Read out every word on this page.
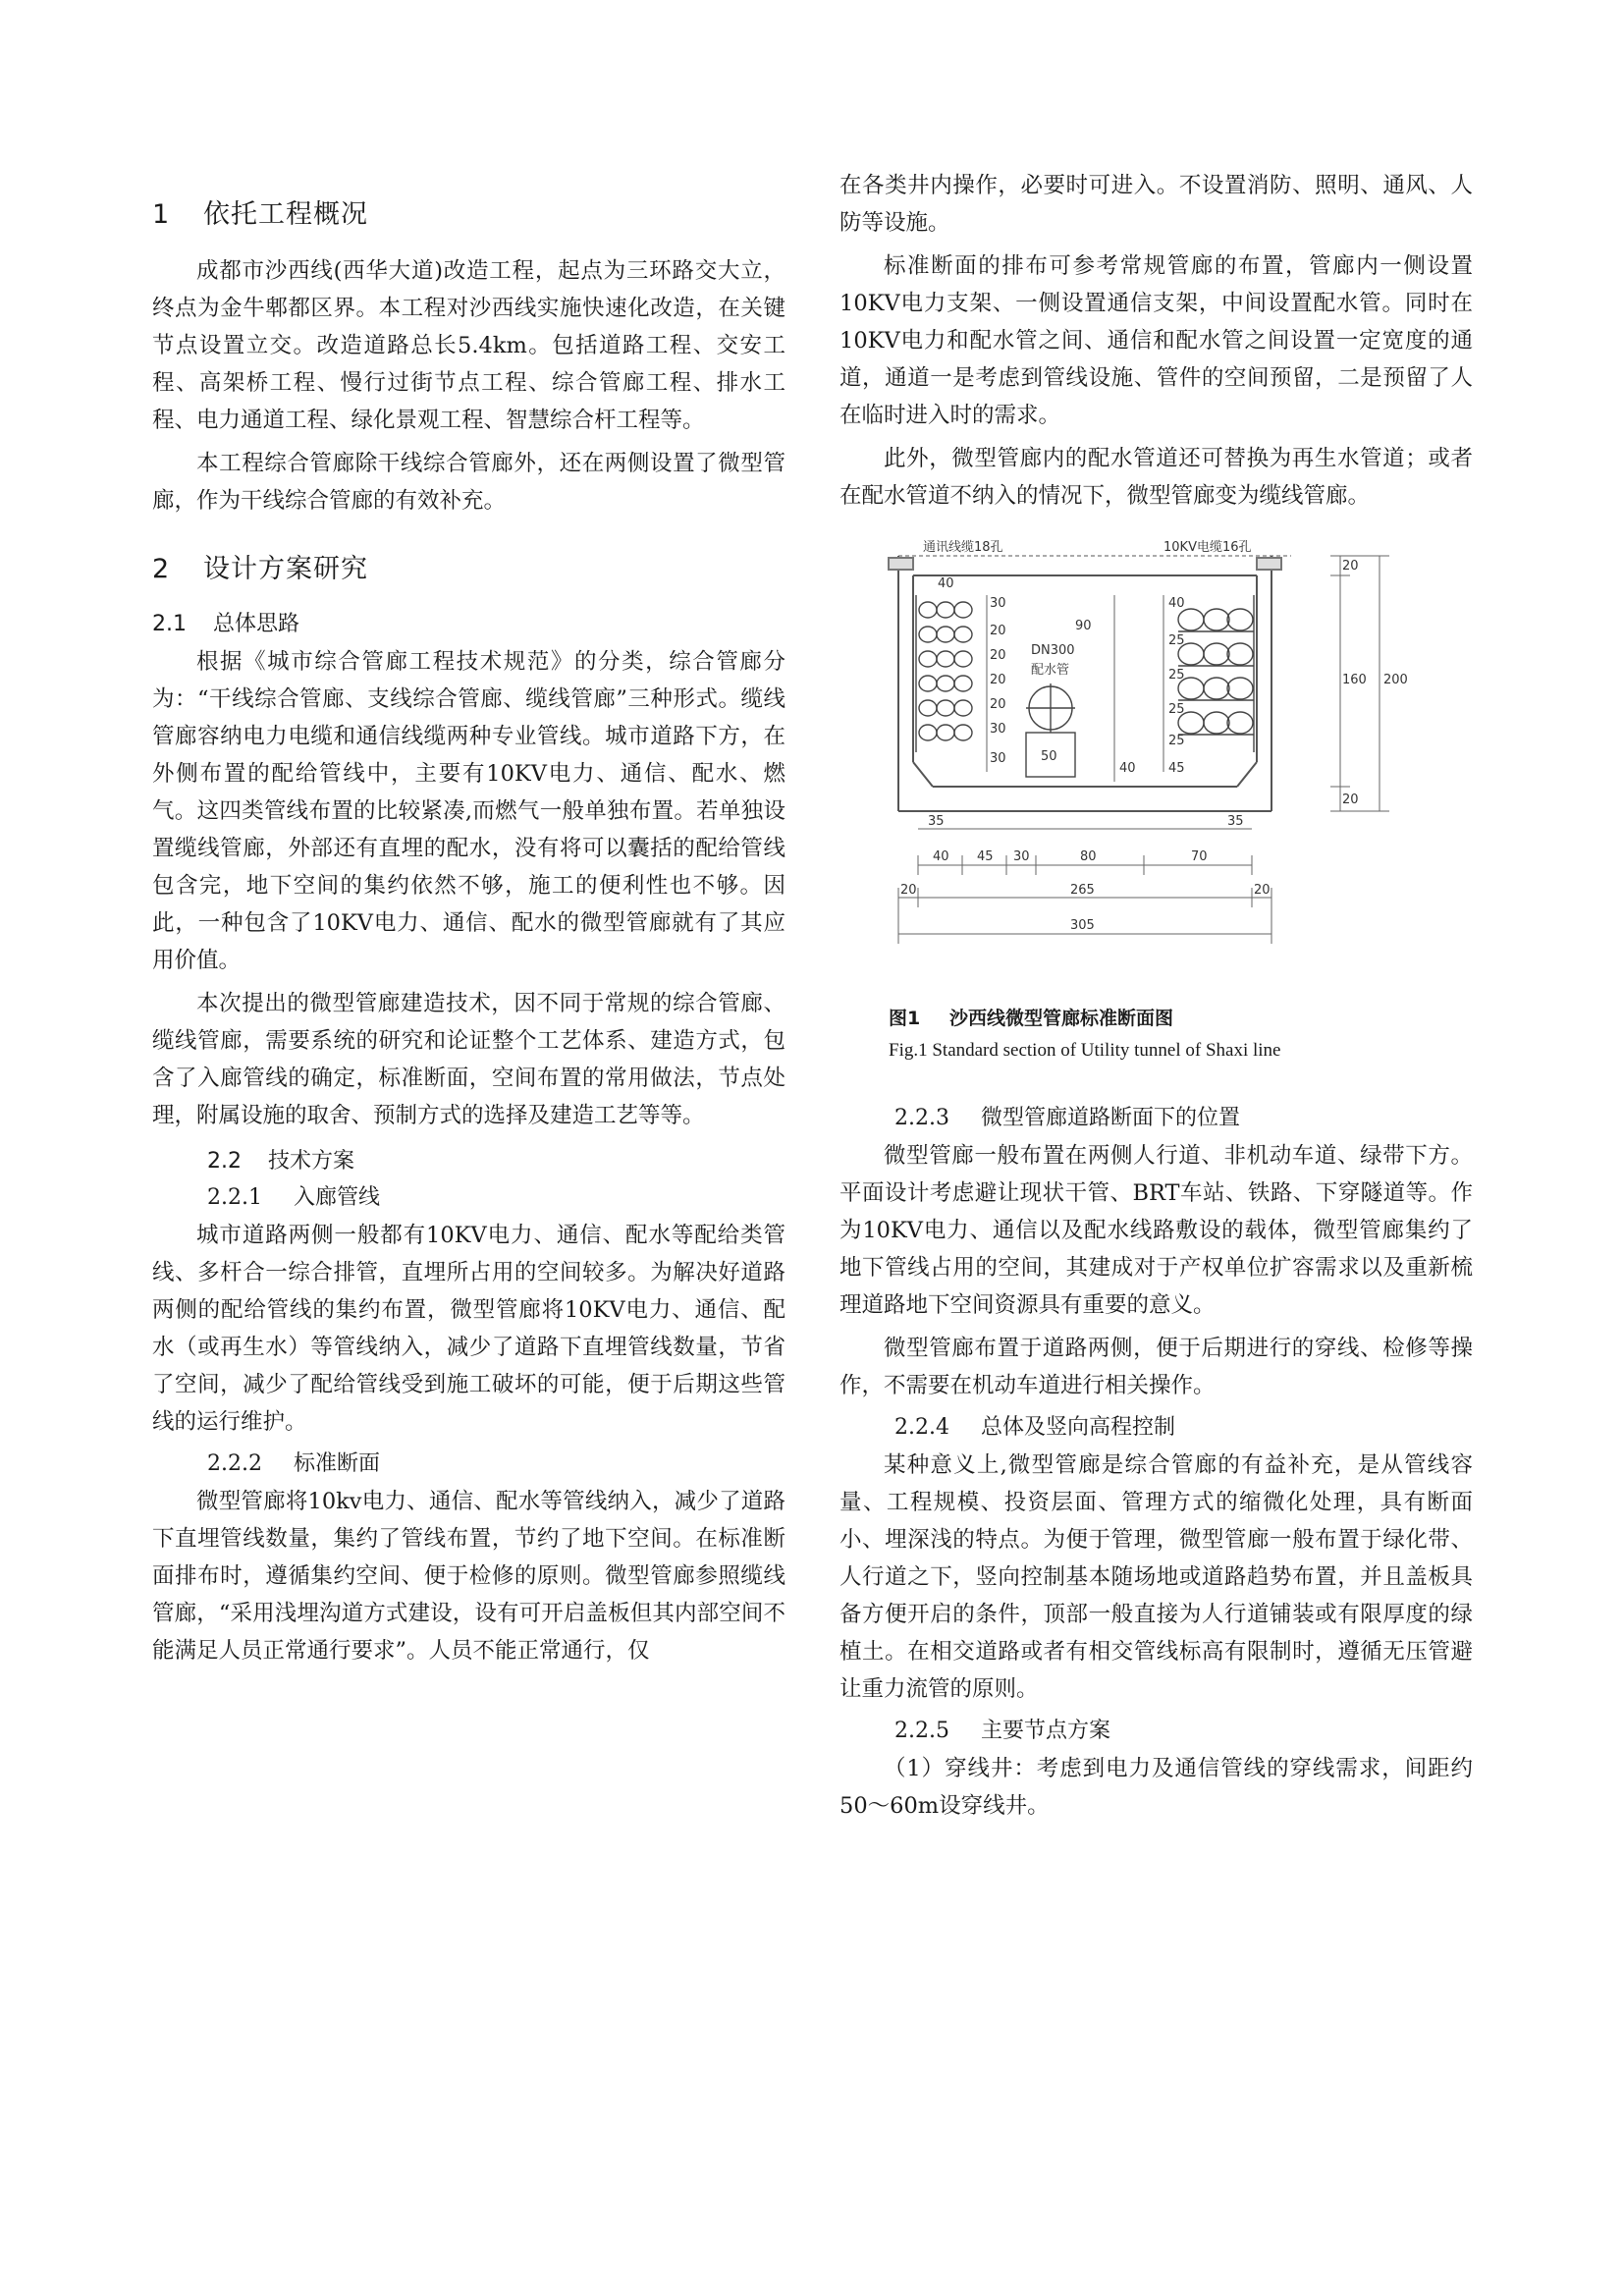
1 依托工程概况

成都市沙西线(西华大道)改造工程，起点为三环路交大立，终点为金牛郫都区界。本工程对沙西线实施快速化改造，在关键节点设置立交。改造道路总长5.4km。包括道路工程、交安工程、高架桥工程、慢行过街节点工程、综合管廊工程、排水工程、电力通道工程、绿化景观工程、智慧综合杆工程等。

本工程综合管廊除干线综合管廊外，还在两侧设置了微型管廊，作为干线综合管廊的有效补充。

2 设计方案研究
2.1 总体思路

根据《城市综合管廊工程技术规范》的分类，综合管廊分为：“干线综合管廊、支线综合管廊、缆线管廊”三种形式。缆线管廊容纳电力电缆和通信线缆两种专业管线。城市道路下方，在外侧布置的配给管线中，主要有10KV电力、通信、配水、燃气。这四类管线布置的比较紧凑,而燃气一般单独布置。若单独设置缆线管廊，外部还有直埋的配水，没有将可以囊括的配给管线包含完，地下空间的集约依然不够，施工的便利性也不够。因此，一种包含了10KV电力、通信、配水的微型管廊就有了其应用价值。

本次提出的微型管廊建造技术，因不同于常规的综合管廊、缆线管廊，需要系统的研究和论证整个工艺体系、建造方式，包含了入廊管线的确定，标准断面，空间布置的常用做法，节点处理，附属设施的取舍、预制方式的选择及建造工艺等等。

2.2 技术方案
2.2.1 入廊管线

城市道路两侧一般都有10KV电力、通信、配水等配给类管线、多杆合一综合排管，直埋所占用的空间较多。为解决好道路两侧的配给管线的集约布置，微型管廊将10KV电力、通信、配水（或再生水）等管线纳入，减少了道路下直埋管线数量，节省了空间，减少了配给管线受到施工破坏的可能，便于后期这些管线的运行维护。

2.2.2 标准断面

微型管廊将10kv电力、通信、配水等管线纳入，减少了道路下直埋管线数量，集约了管线布置，节约了地下空间。在标准断面排布时，遵循集约空间、便于检修的原则。微型管廊参照缆线管廊，“采用浅埋沟道方式建设，设有可开启盖板但其内部空间不能满足人员正常通行要求”。人员不能正常通行，仅

在各类井内操作，必要时可进入。不设置消防、照明、通风、人防等设施。

标准断面的排布可参考常规管廊的布置，管廊内一侧设置10KV电力支架、一侧设置通信支架，中间设置配水管。同时在10KV电力和配水管之间、通信和配水管之间设置一定宽度的通道，通道一是考虑到管线设施、管件的空间预留，二是预留了人在临时进入时的需求。

此外，微型管廊内的配水管道还可替换为再生水管道；或者在配水管道不纳入的情况下，微型管廊变为缆线管廊。

通讯线缆18孔	10KV电缆16孔
DN300
配水管
40
30
20
20
20
20
30
30
90
50
40
40
25
25
25
25
45
35	35
20
160
20
200
40 45 30	80	70
20	265	20
305
图1 沙西线微型管廊标准断面图
Fig.1 Standard section of Utility tunnel of Shaxi line
2.2.3 微型管廊道路断面下的位置

微型管廊一般布置在两侧人行道、非机动车道、绿带下方。平面设计考虑避让现状干管、BRT车站、铁路、下穿隧道等。作为10KV电力、通信以及配水线路敷设的载体，微型管廊集约了地下管线占用的空间，其建成对于产权单位扩容需求以及重新梳理道路地下空间资源具有重要的意义。

微型管廊布置于道路两侧，便于后期进行的穿线、检修等操作，不需要在机动车道进行相关操作。

2.2.4 总体及竖向高程控制

某种意义上,微型管廊是综合管廊的有益补充，是从管线容量、工程规模、投资层面、管理方式的缩微化处理，具有断面小、埋深浅的特点。为便于管理，微型管廊一般布置于绿化带、人行道之下，竖向控制基本随场地或道路趋势布置，并且盖板具备方便开启的条件，顶部一般直接为人行道铺装或有限厚度的绿植土。在相交道路或者有相交管线标高有限制时，遵循无压管避让重力流管的原则。

2.2.5 主要节点方案

（1）穿线井：考虑到电力及通信管线的穿线需求，间距约50～60m设穿线井。
